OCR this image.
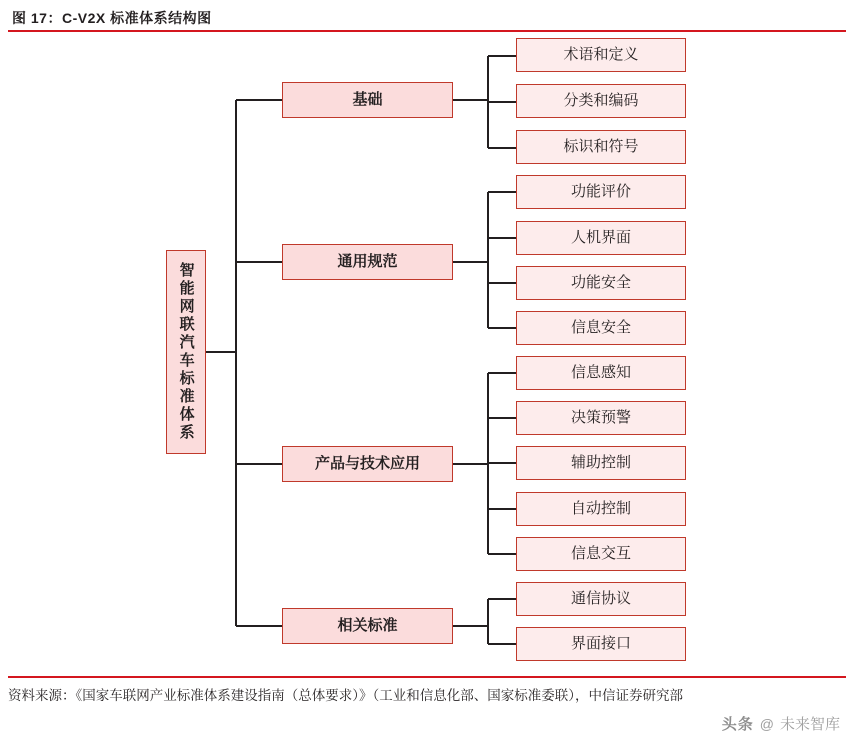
图 17：C-V2X 标准体系结构图
智能网联汽车标准体系
基础
通用规范
产品与技术应用
相关标准
术语和定义
分类和编码
标识和符号
功能评价
人机界面
功能安全
信息安全
信息感知
决策预警
辅助控制
自动控制
信息交互
通信协议
界面接口
资料来源：《国家车联网产业标准体系建设指南（总体要求）》（工业和信息化部、国家标准委联），中信证券研究部
头条 @ 未来智库
